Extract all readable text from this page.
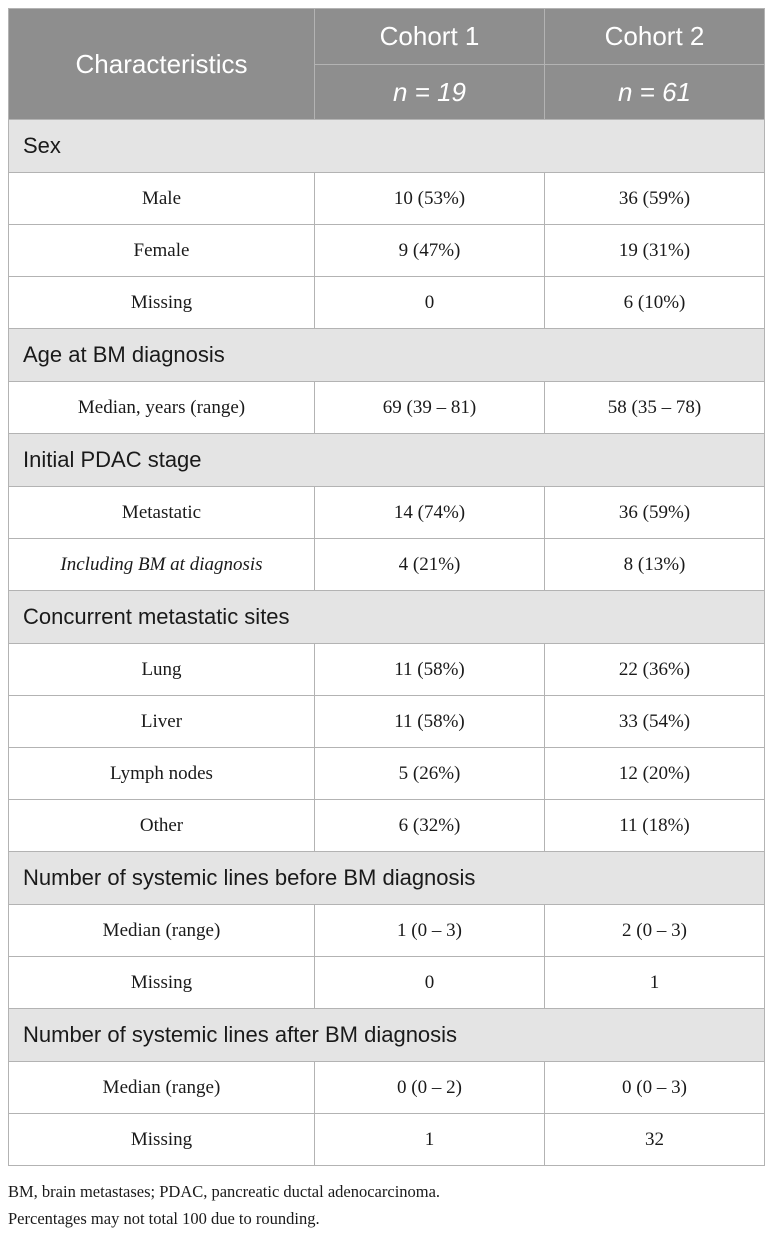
Characteristics	Cohort 1	Cohort 2
	n = 19	n = 61
Sex		
Male	10 (53%)	36 (59%)
Female	9 (47%)	19 (31%)
Missing	0	6 (10%)
Age at BM diagnosis		
Median, years (range)	69 (39 – 81)	58 (35 – 78)
Initial PDAC stage		
Metastatic	14 (74%)	36 (59%)
Including BM at diagnosis	4 (21%)	8 (13%)
Concurrent metastatic sites		
Lung	11 (58%)	22 (36%)
Liver	11 (58%)	33 (54%)
Lymph nodes	5 (26%)	12 (20%)
Other	6 (32%)	11 (18%)
Number of systemic lines before BM diagnosis		
Median (range)	1 (0 – 3)	2 (0 – 3)
Missing	0	1
Number of systemic lines after BM diagnosis		
Median (range)	0 (0 – 2)	0 (0 – 3)
Missing	1	32
BM, brain metastases; PDAC, pancreatic ductal adenocarcinoma.
Percentages may not total 100 due to rounding.
